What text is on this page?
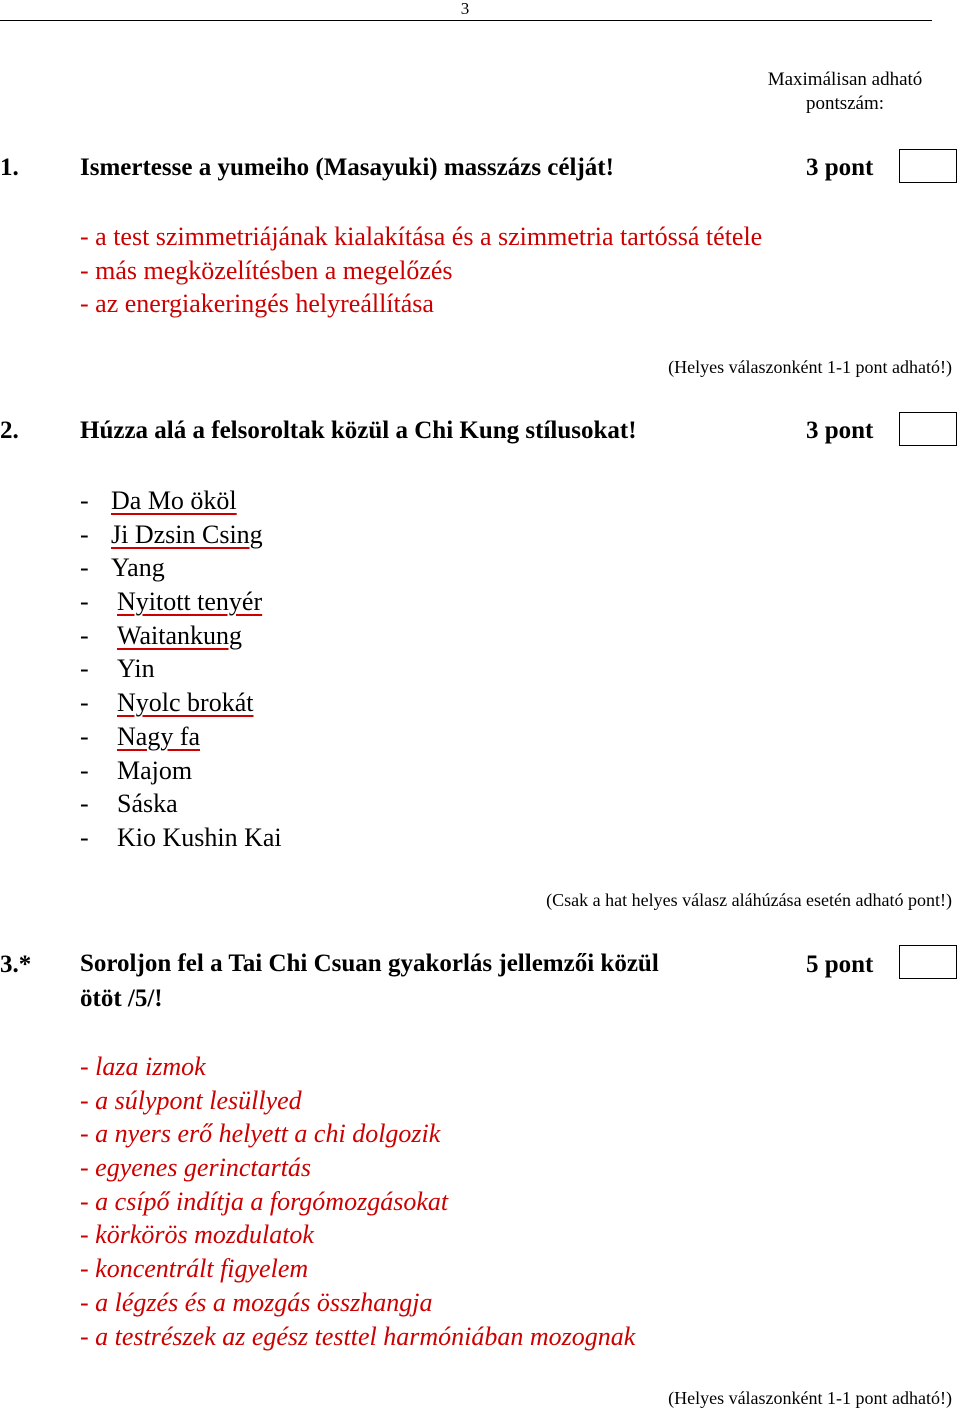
3
Maximálisan adható pontszám:
1. Ismertesse a yumeiho (Masayuki) masszázs célját!	3 pont
- a test szimmetriájának kialakítása és a szimmetria tartóssá tétele
- más megközelítésben a megelőzés
- az energiakeringés helyreállítása
(Helyes válaszonként 1-1 pont adható!)
2. Húzza alá a felsoroltak közül a Chi Kung stílusokat!	3 pont
- Da Mo ököl
- Ji Dzsin Csing
- Yang
- Nyitott tenyér
- Waitankung
- Yin
- Nyolc brokát
- Nagy fa
- Majom
- Sáska
- Kio Kushin Kai
(Csak a hat helyes válasz aláhúzása esetén adható pont!)
3.* Soroljon fel a Tai Chi Csuan gyakorlás jellemzői közül
ötöt /5/!
5 pont
- laza izmok
- a súlypont lesüllyed
- a nyers erő helyett a chi dolgozik
- egyenes gerinctartás
- a csípő indítja a forgómozgásokat
- körkörös mozdulatok
- koncentrált figyelem
- a légzés és a mozgás összhangja
- a testrészek az egész testtel harmóniában mozognak
(Helyes válaszonként 1-1 pont adható!)
